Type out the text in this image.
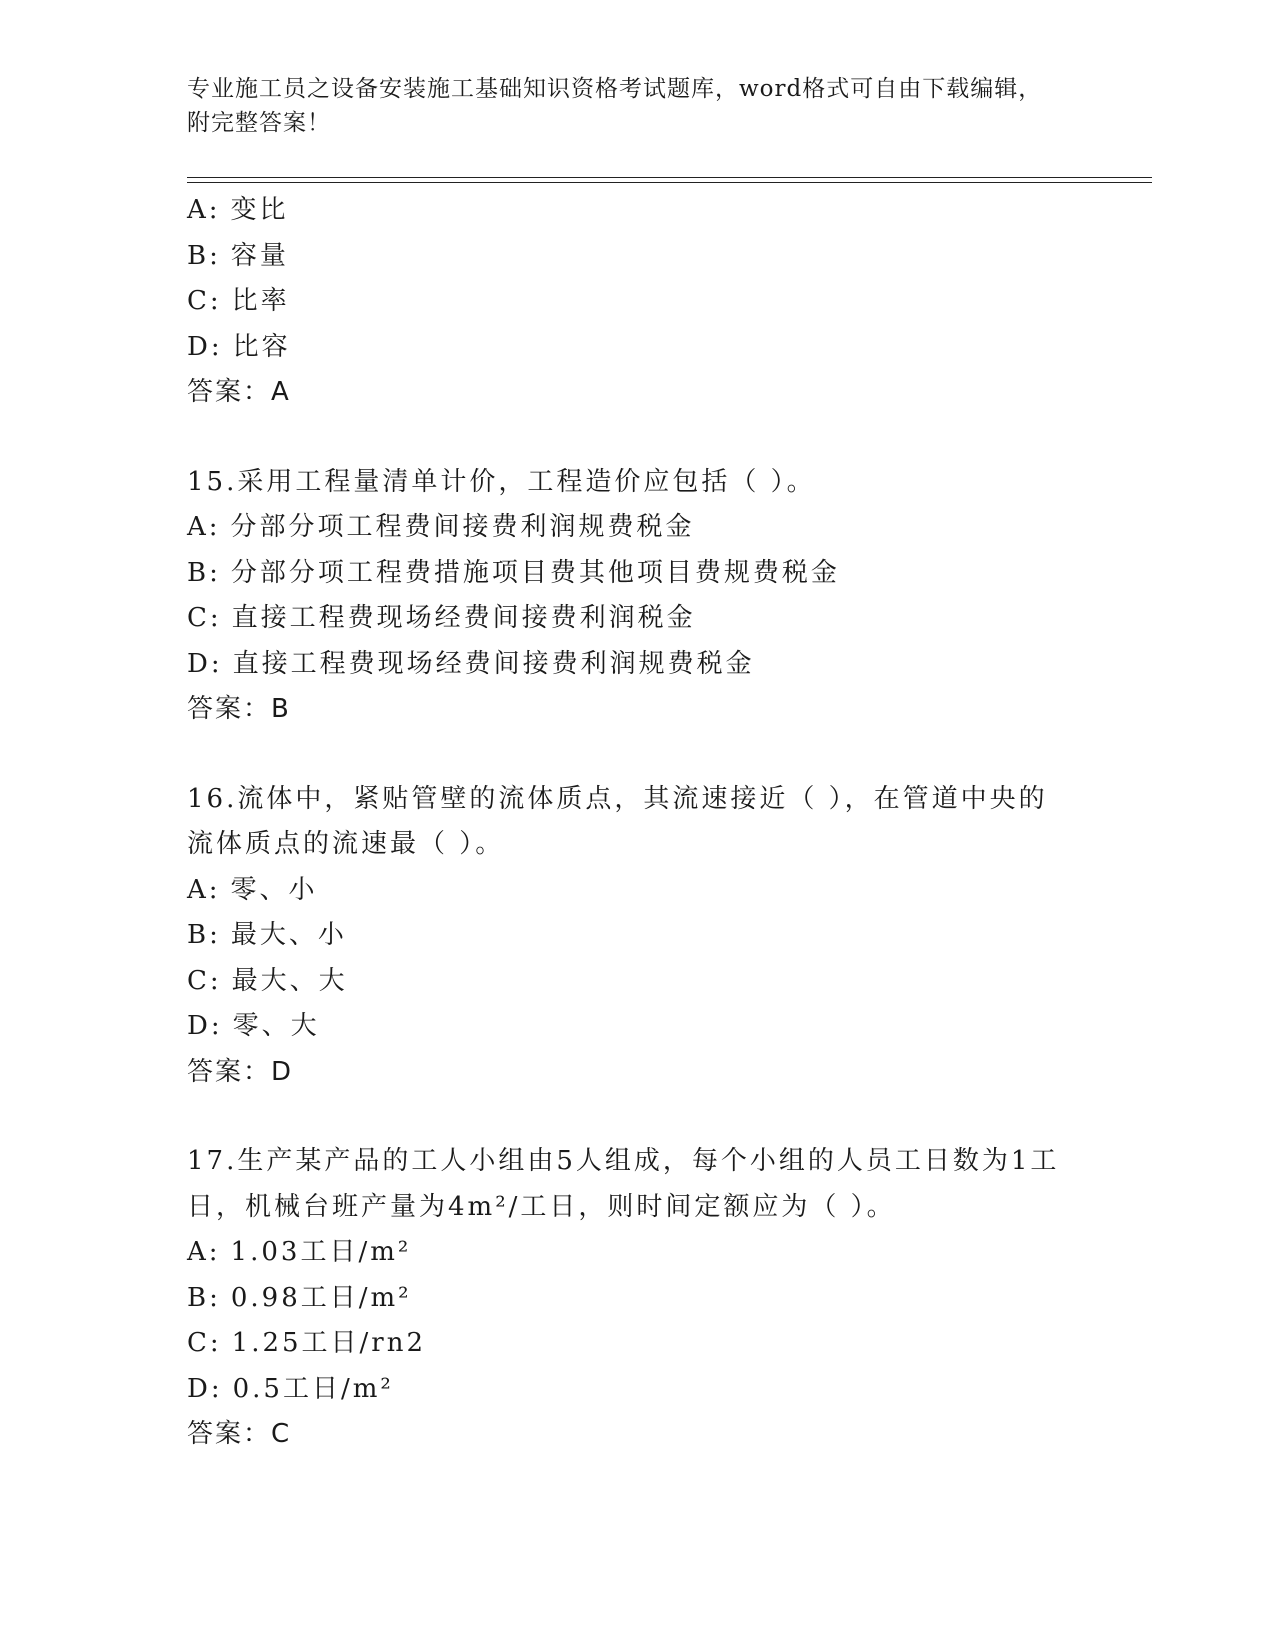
专业施工员之设备安装施工基础知识资格考试题库，word格式可自由下载编辑，
附完整答案！
A: 变比
B: 容量
C: 比率
D: 比容
答案：A
15.采用工程量清单计价，工程造价应包括（ ）。
A: 分部分项工程费间接费利润规费税金
B: 分部分项工程费措施项目费其他项目费规费税金
C: 直接工程费现场经费间接费利润税金
D: 直接工程费现场经费间接费利润规费税金
答案：B
16.流体中，紧贴管壁的流体质点，其流速接近（ ），在管道中央的
流体质点的流速最（ ）。
A: 零、小
B: 最大、小
C: 最大、大
D: 零、大
答案：D
17.生产某产品的工人小组由5人组成，每个小组的人员工日数为1工
日，机械台班产量为4m²/工日，则时间定额应为（ ）。
A: 1.03工日/m²
B: 0.98工日/m²
C: 1.25工日/rn2
D: 0.5工日/m²
答案：C
